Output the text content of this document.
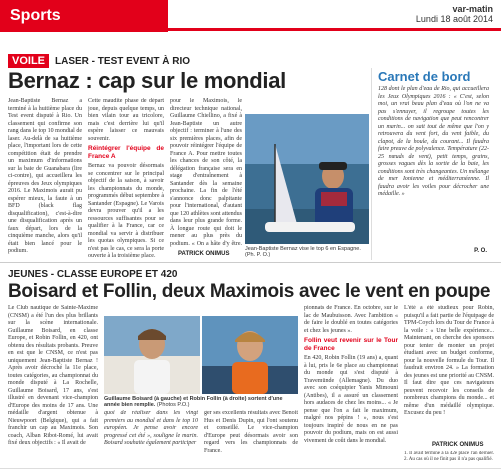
Sports	var-matin
Lundi 18 août 2014
VOILE	LASER - TEST EVENT À RIO
Bernaz : cap sur le mondial

Jean-Baptiste Bernaz a terminé à la huitième place du Test event disputé à Rio. Un classement qui confirme son rang dans le top 10 mondial de laser. Au-delà de sa huitième place, l'important lors de cette compétition était de prendre un maximum d'informations sur la baie de Guanabara (lire ci-contre), qui accueillera les épreuves des Jeux olympiques 2016. Le Maximois aurait pu espérer mieux, la faute à un BFD (black flag disqualification), c'est-à-dire une disqualification après un faux départ, lors de la cinquième manche, alors qu'il était bien lancé pour le podium.

Cette maudite phase de départ joue, depuis quelque temps, un bien vilain tour au tricolore, mais c'est derrière lui qu'il espère laisser ce mauvais souvenir.

Réintégrer l'équipe de France A

Bernaz va pouvoir désormais se concentrer sur le principal objectif de la saison, à savoir les championnats du monde, programmés début septembre à Santander (Espagne). Le Varois devra prouver qu'il a les ressources suffisantes pour se qualifier à la France, car ce mondial va servir à distribuer les quotas olympiques. Si ce n'est pas le cas, ce sera la porte ouverte à la troisième place.

pour le Maximois, le directeur technique national, Guillaume Chiellino, a fixé à Jean-Baptiste un autre objectif : terminer à l'une des six premières places, afin de pouvoir réintégrer l'équipe de France A. Pour mettre toutes les chances de son côté, la délégation française sera en stage d'entraînement à Santander dès la semaine prochaine. La fin de l'été s'annonce donc palpitante pour l'international, d'autant que 120 athlètes sont attendus dans leur plus grande forme. À longue route qui doit le mener au plus près du podium. « On a hâte d'y être.

PATRICK ONIMUS
Jean-Baptiste Bernaz vise le top 6 en Espagne. (Ph. P. O.)
Carnet de bord
128 dont le plan d'eau de Rio, qui accueillera les Jeux Olympiques 2016 : « C'est, selon moi, un vrai beau plan d'eau où l'on ne va pas s'ennuyer, il regroupe toutes les conditions de navigation que peut rencontrer un marin... on sait tout de même que l'on y retrouvera du vent fort, du vent faible, du clapot, de la houle, du courant... Il faudra faire preuve de polyvalence. Température (22-25 nœuds de vent), petit temps, grains, grosses vagues dès la sortie de la baie, les conditions sont très changeantes. Un mélange de mer Ionienne et méditerranéenne. Il faudra avoir les voiles pour décrocher une médaille. »
P. O.
JEUNES - CLASSE EUROPE ET 420
Boisard et Follin, deux Maximois avec le vent en poupe

Le Club nautique de Sainte-Maxime (CNSM) a été l'un des plus brillants sur la scène internationale. Guillaume Boisard, en classe Europe, et Robin Follin, en 420, ont obtenu des résultats probants. Preuve en est que le CNSM, ce n'est pas uniquement Jean-Baptiste Bernaz ! Après avoir décroché la 11e place, toutes catégories, au championnat du monde disputé à La Rochelle, Guillaume Boisard, 17 ans, s'est illustré en devenant vice-champion d'Europe des moins de 17 ans. Une médaille d'argent obtenue à Nieuwpoort (Belgique), qui a fait franchir un cap au Maximois. Son coach, Alban Ribot-Romé, lui avait fixé deux objectifs : « Il avait de

Guillaume Boisard (à gauche) et Robin Follin (à droite) sortent d'une année bien remplie. (Photos P.O.)

quoi de réaliser dans les vingt premiers au mondial et dans le top 10 européen. Je pense avoir encore progressé cet été », souligne le marin. Boisard souhaite également participer

ger ses excellents résultats avec Benoit Hus et Denis Dupin, qui l'ont soutenu et conseillé. Le vice-champion d'Europe peut désormais avoir son regard vers les championnats de France.

pionnats de France. En octobre, sur le lac de Maubuisson. Avec l'ambition « de faire le doublé en toutes catégories et chez les jeunes ».

Follin veut revenir sur le Tour de France

En 420, Robin Follin (19 ans) a, quant à lui, pris le 6e place au championnat du monde qui s'est disputé à Travemünde (Allemagne). Du duo avec son coéquipier Yanis Mimouni (Antibes), il a assuré un classement hors audaces de chez les moins... « Je pense que l'on a fait le maximum, malgré nos pépins ! », nous s'est toujours inspiré de nous en ne pas pouvoir du podium, mais on est aussi vivement de coût dans le mondial.

L'été a été studieux pour Robin, puisqu'il a fait partie de l'équipage de TPM-Coych lors du Tour de France à la voile : « Une belle expérience... Maintenant, on cherche des sponsors pour tenter de monter un projet étudiant avec un budget conforme, pour la nouvelle formule du Tour. Il faudrait environ 24. » La formation des jeunes est une priorité au CNSM. Il faut dire que ces navigateurs peuvent recevoir les conseils de nombreux champions du monde... et même d'un médaillé olympique. Excusez du peu !

PATRICK ONIMUS

1. Il avait terminé à la 42e place l'an dernier. 2. Au cas où il ne finit pas il n'a pas qualifié.
